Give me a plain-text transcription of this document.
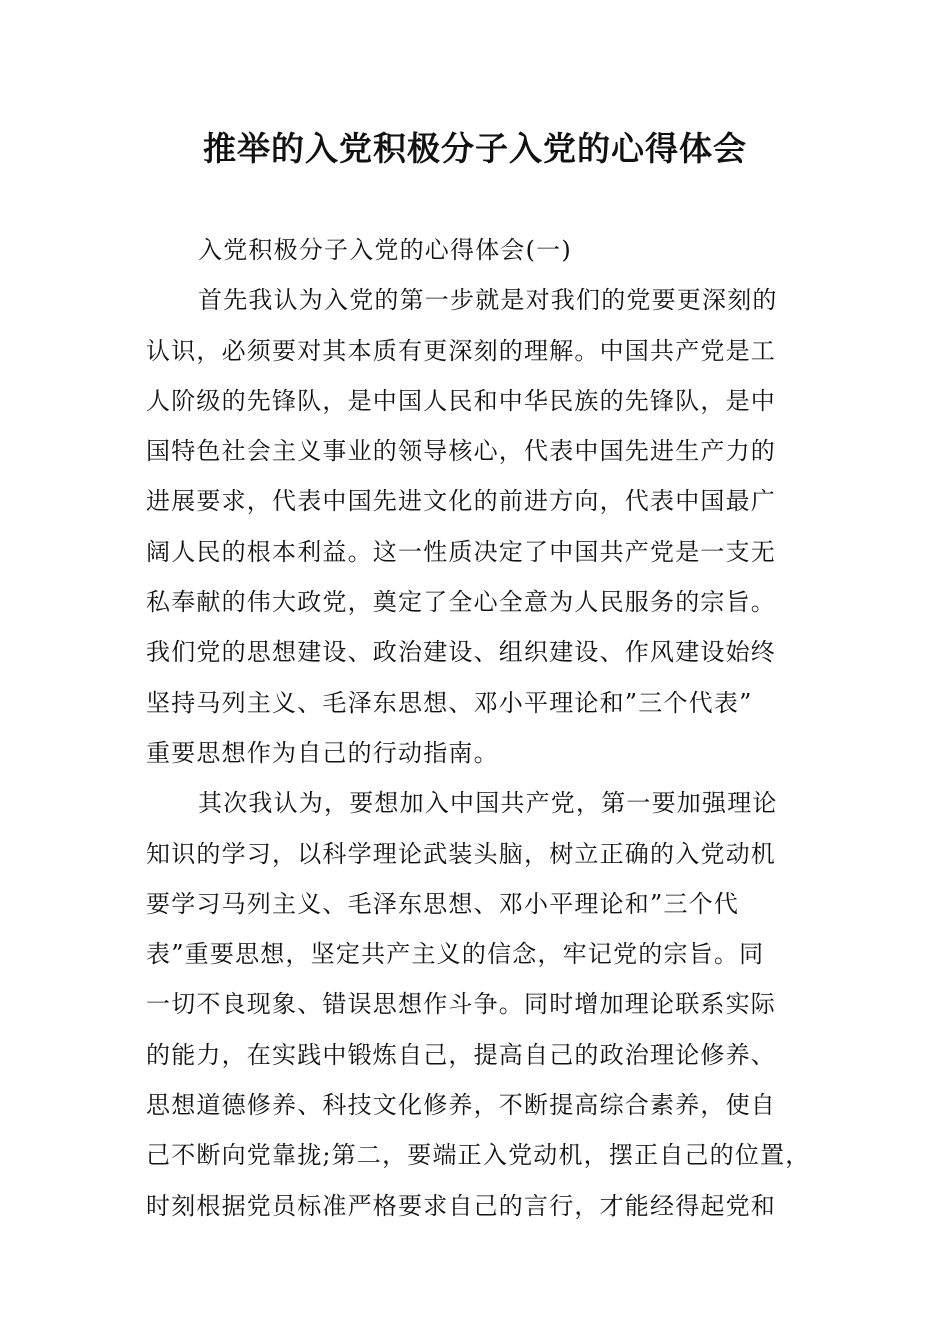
推举的入党积极分子入党的心得体会
入党积极分子入党的心得体会(一)
首先我认为入党的第一步就是对我们的党要更深刻的
认识，必须要对其本质有更深刻的理解。中国共产党是工
人阶级的先锋队，是中国人民和中华民族的先锋队，是中
国特色社会主义事业的领导核心，代表中国先进生产力的
进展要求，代表中国先进文化的前进方向，代表中国最广
阔人民的根本利益。这一性质决定了中国共产党是一支无
私奉献的伟大政党，奠定了全心全意为人民服务的宗旨。
我们党的思想建设、政治建设、组织建设、作风建设始终
坚持马列主义、毛泽东思想、邓小平理论和”三个代表”
重要思想作为自己的行动指南。
其次我认为，要想加入中国共产党，第一要加强理论
知识的学习，以科学理论武装头脑，树立正确的入党动机
要学习马列主义、毛泽东思想、邓小平理论和”三个代
表”重要思想，坚定共产主义的信念，牢记党的宗旨。同
一切不良现象、错误思想作斗争。同时增加理论联系实际
的能力，在实践中锻炼自己，提高自己的政治理论修养、
思想道德修养、科技文化修养，不断提高综合素养，使自
己不断向党靠拢;第二，要端正入党动机，摆正自己的位置，
时刻根据党员标准严格要求自己的言行，才能经得起党和
